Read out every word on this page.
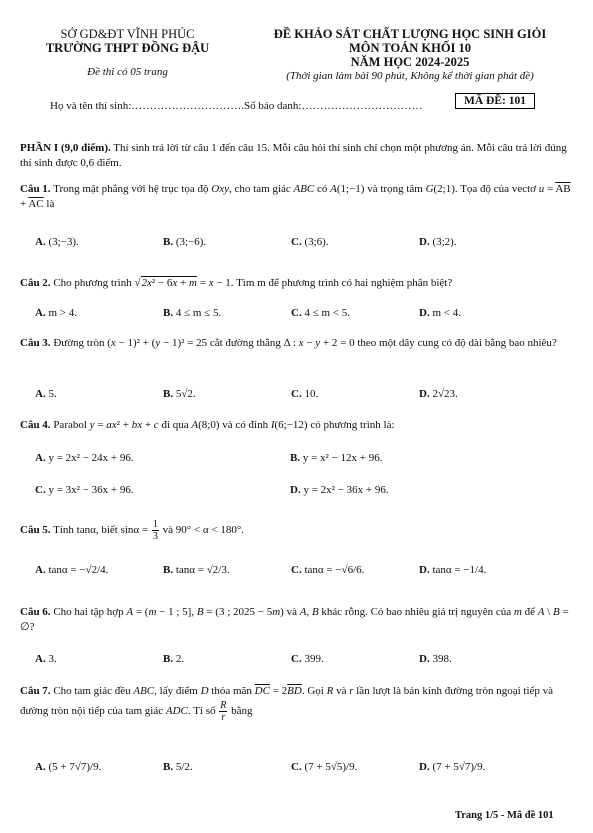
SỞ GD&ĐT VĨNH PHÚC
TRƯỜNG THPT ĐỒNG ĐẬU
Đề thi có 05 trang
ĐỀ KHẢO SÁT CHẤT LƯỢNG HỌC SINH GIỎI
MÔN TOÁN KHỐI 10
NĂM HỌC 2024-2025
(Thời gian làm bài 90 phút, Không kể thời gian phát đề)
Họ và tên thí sinh:………………………….Số báo danh:……………………………	MÃ ĐỀ: 101
PHẦN I (9,0 điểm). Thí sinh trả lời từ câu 1 đến câu 15. Mỗi câu hỏi thí sinh chỉ chọn một phương án. Mỗi câu trả lời đúng thí sinh được 0,6 điểm.
Câu 1. Trong mặt phẳng với hệ trục tọa độ Oxy, cho tam giác ABC có A(1;−1) và trọng tâm G(2;1). Tọa độ của vectơ $u = \overline{AB} + \overline{AC}$ là
A. (3;−3).	B. (3;−6).	C. (3;6).	D. (3;2).
Câu 2. Cho phương trình √2x² − 6x + m = x − 1. Tìm m để phương trình có hai nghiệm phân biệt?
A. m > 4.	B. 4 ≤ m ≤ 5.	C. 4 ≤ m < 5.	D. m < 4.
Câu 3. Đường tròn (x − 1)² + (y − 1)² = 25 cắt đường thẳng Δ : x − y + 2 = 0 theo một dây cung có độ dài bằng bao nhiêu?
A. 5.	B. 5√2.	C. 10.	D. 2√23.
Câu 4. Parabol y = ax² + bx + c đi qua A(8;0) và có đỉnh I(6;−12) có phương trình là:
A. y = 2x² − 24x + 96.	B. y = x² − 12x + 96.
C. y = 3x² − 36x + 96.	D. y = 2x² − 36x + 96.
Câu 5. Tính tanα, biết $\sin\alpha = \frac{1}{3}$ và 90° < α < 180°.
A. tanα = −√2/4.	B. tanα = √2/3.	C. tanα = −√6/6.	D. tanα = −1/4.
Câu 6. Cho hai tập hợp A = (m − 1 ; 5], B = (3 ; 2025 − 5m) và A, B khác rỗng. Có bao nhiêu giá trị nguyên của m để A \ B = ∅?
A. 3.	B. 2.	C. 399.	D. 398.
Câu 7. Cho tam giác đều ABC, lấy điểm D thỏa mãn $\overline{DC} = 2\overline{BD}$. Gọi R và r lần lượt là bán kính đường tròn ngoại tiếp và đường tròn nội tiếp của tam giác ADC. Tỉ số $\frac{R}{r}$ bằng
A. (5 + 7√7)/9.	B. 5/2.	C. (7 + 5√5)/9.	D. (7 + 5√7)/9.
Trang 1/5 - Mã đề 101
